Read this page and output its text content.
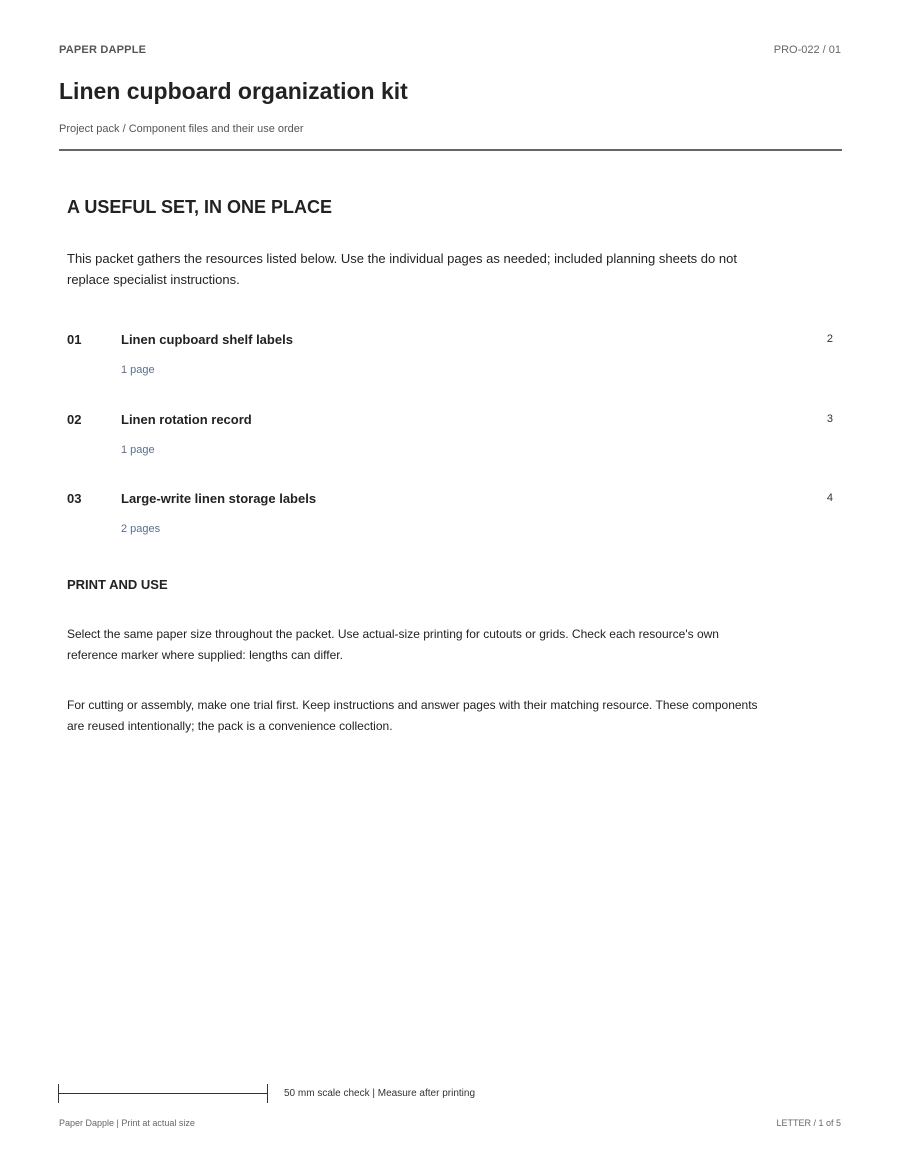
PAPER DAPPLE	PRO-022 / 01
Linen cupboard organization kit
Project pack / Component files and their use order
A USEFUL SET, IN ONE PLACE

This packet gathers the resources listed below. Use the individual pages as needed; included planning sheets do not replace specialist instructions.

01	Linen cupboard shelf labels	2
1 page
02	Linen rotation record	3
1 page
03	Large-write linen storage labels	4
2 pages
PRINT AND USE

Select the same paper size throughout the packet. Use actual-size printing for cutouts or grids. Check each resource's own reference marker where supplied: lengths can differ.

For cutting or assembly, make one trial first. Keep instructions and answer pages with their matching resource. These components are reused intentionally; the pack is a convenience collection.

50 mm scale check | Measure after printing
Paper Dapple | Print at actual size	LETTER / 1 of 5
